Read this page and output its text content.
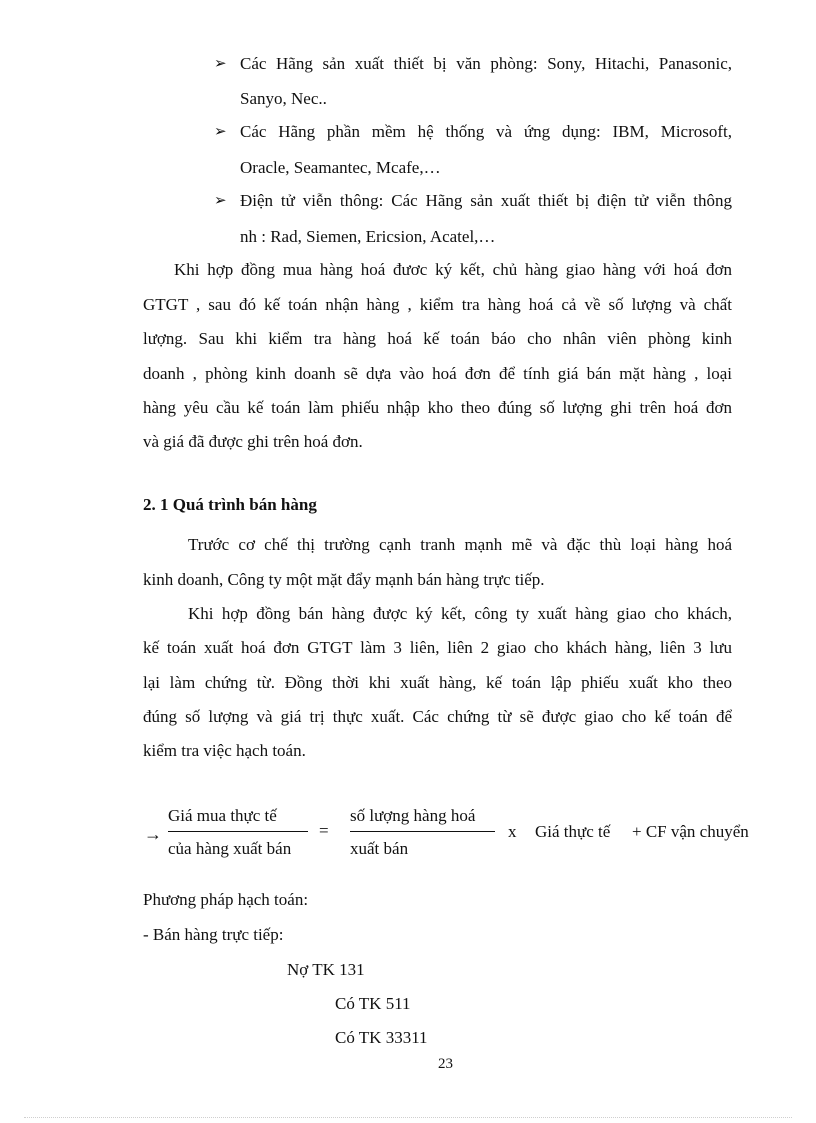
➢ Các Hãng sản xuất thiết bị văn phòng: Sony, Hitachi, Panasonic,

Sanyo, Nec..

➢ Các Hãng phần mềm hệ thống và ứng dụng: IBM, Microsoft,

Oracle, Seamantec, Mcafe,…

➢ Điện tử viễn thông: Các Hãng sản xuất thiết bị điện tử viễn thông

nh : Rad, Siemen, Ericsion, Acatel,…

Khi hợp đồng mua hàng hoá đươc ký kết, chủ hàng giao hàng với hoá đơn

GTGT , sau đó kế toán nhận hàng , kiểm tra hàng hoá cả về số lượng và chất

lượng. Sau khi kiểm tra hàng hoá kế toán báo cho nhân viên phòng kinh

doanh , phòng kinh doanh sẽ dựa vào hoá đơn để tính giá bán mặt hàng , loại

hàng yêu cầu kế toán làm phiếu nhập kho theo đúng số lượng ghi trên hoá đơn

và giá đã được ghi trên hoá đơn.

2. 1 Quá trình bán hàng

Trước cơ chế thị trường cạnh tranh mạnh mẽ và đặc thù loại hàng hoá

kinh doanh, Công ty một mặt đẩy mạnh bán hàng trực tiếp.

Khi hợp đồng bán hàng được ký kết, công ty xuất hàng giao cho khách,

kế toán xuất hoá đơn GTGT làm 3 liên, liên 2 giao cho khách hàng, liên 3 lưu

lại làm chứng từ. Đồng thời khi xuất hàng, kế toán lập phiếu xuất kho theo

đúng số lượng và giá trị thực xuất. Các chứng từ sẽ được giao cho kế toán để

kiểm tra việc hạch toán.

→
Giá mua thực tế
của hàng xuất bán
=
số lượng hàng hoá
xuất bán
x Giá thực tế + CF vận chuyển

Phương pháp hạch toán:

- Bán hàng trực tiếp:

Nợ TK 131

Có TK 511

Có TK 33311

23
